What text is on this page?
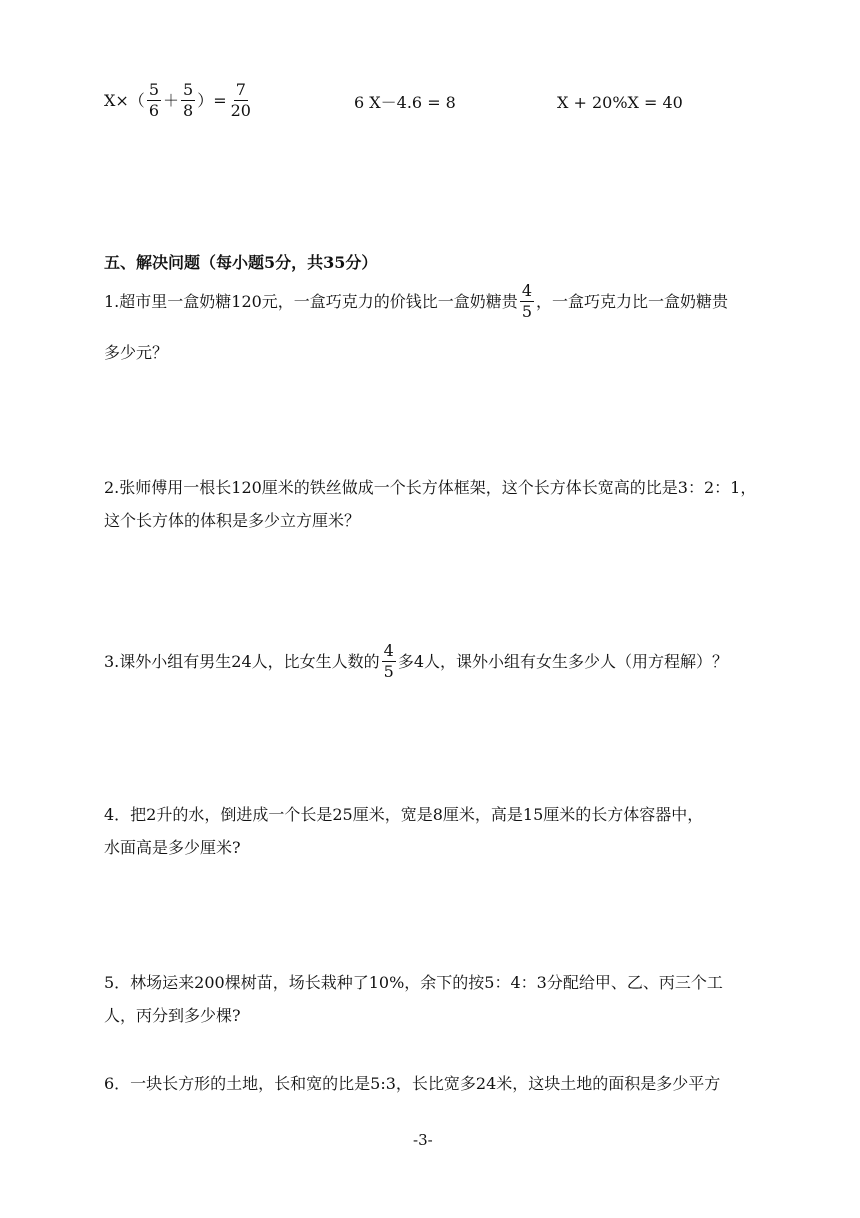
$X\times( \frac{5}{6} + \frac{5}{8}$ ）= $\frac{7}{20}$	6 X－4.6 = 8	X + 20%X = 40
五、解决问题（每小题5分，共35分）
1.超市里一盒奶糖120元，一盒巧克力的价钱比一盒奶糖贵 $\frac{4}{5}$ ，一盒巧克力比一盒奶糖贵
多少元？
2.张师傅用一根长120厘米的铁丝做成一个长方体框架，这个长方体长宽高的比是3：2：1，
这个长方体的体积是多少立方厘米？
3.课外小组有男生24人，比女生人数的 $\frac{4}{5}$ 多4人，课外小组有女生多少人（用方程解）？
4．把2升的水，倒进成一个长是25厘米，宽是8厘米，高是15厘米的长方体容器中，
水面高是多少厘米?
5．林场运来200棵树苗，场长栽种了10%，余下的按5：4：3分配给甲、乙、丙三个工
人，丙分到多少棵?
6．一块长方形的土地，长和宽的比是5:3，长比宽多24米，这块土地的面积是多少平方
-3-
